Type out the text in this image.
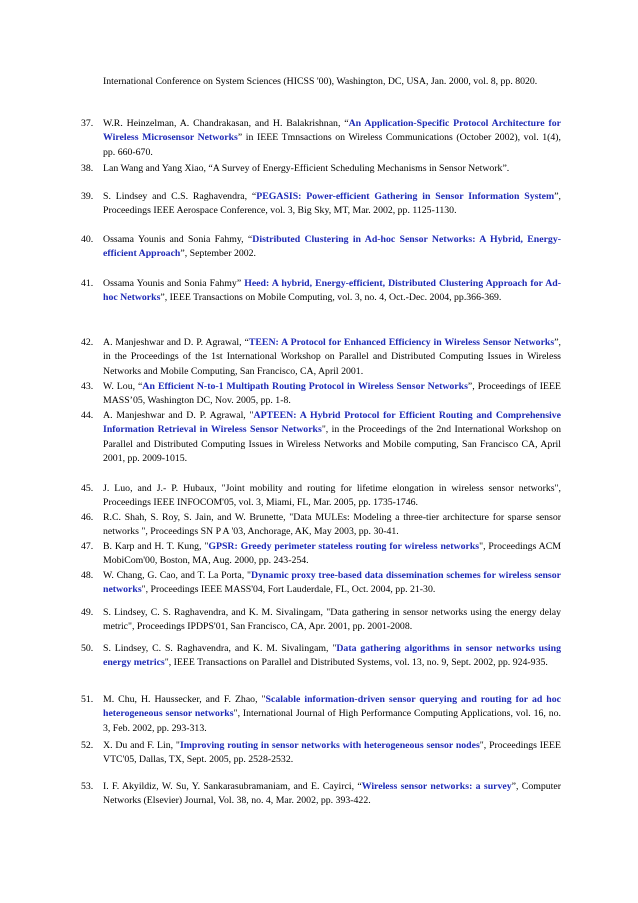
International Conference on System Sciences (HICSS '00), Washington, DC, USA, Jan. 2000, vol. 8, pp. 8020.
37. W.R. Heinzelman, A. Chandrakasan, and H. Balakrishnan, “An Application-Specific Protocol Architecture for Wireless Microsensor Networks” in IEEE Tmnsactions on Wireless Communications (October 2002), vol. 1(4), pp. 660-670.
38. Lan Wang and Yang Xiao, “A Survey of Energy-Efficient Scheduling Mechanisms in Sensor Network”.
39. S. Lindsey and C.S. Raghavendra, “PEGASIS: Power-efficient Gathering in Sensor Information System”, Proceedings IEEE Aerospace Conference, vol. 3, Big Sky, MT, Mar. 2002, pp. 1125-1130.
40. Ossama Younis and Sonia Fahmy, “Distributed Clustering in Ad-hoc Sensor Networks: A Hybrid, Energy-efficient Approach”, September 2002.
41. Ossama Younis and Sonia Fahmy” Heed: A hybrid, Energy-efficient, Distributed Clustering Approach for Ad-hoc Networks”, IEEE Transactions on Mobile Computing, vol. 3, no. 4, Oct.-Dec. 2004, pp.366-369.
42. A. Manjeshwar and D. P. Agrawal, “TEEN: A Protocol for Enhanced Efficiency in Wireless Sensor Networks”, in the Proceedings of the 1st International Workshop on Parallel and Distributed Computing Issues in Wireless Networks and Mobile Computing, San Francisco, CA, April 2001.
43. W. Lou, “An Efficient N-to-1 Multipath Routing Protocol in Wireless Sensor Networks”, Proceedings of IEEE MASS’05, Washington DC, Nov. 2005, pp. 1-8.
44. A. Manjeshwar and D. P. Agrawal, "APTEEN: A Hybrid Protocol for Efficient Routing and Comprehensive Information Retrieval in Wireless Sensor Networks", in the Proceedings of the 2nd International Workshop on Parallel and Distributed Computing Issues in Wireless Networks and Mobile computing, San Francisco CA, April 2001, pp. 2009-1015.
45. J. Luo, and J.- P. Hubaux, "Joint mobility and routing for lifetime elongation in wireless sensor networks", Proceedings IEEE INFOCOM'05, vol. 3, Miami, FL, Mar. 2005, pp. 1735-1746.
46. R.C. Shah, S. Roy, S. Jain, and W. Brunette, "Data MULEs: Modeling a three-tier architecture for sparse sensor networks ", Proceedings SN P A '03, Anchorage, AK, May 2003, pp. 30-41.
47. B. Karp and H. T. Kung, "GPSR: Greedy perimeter stateless routing for wireless networks", Proceedings ACM MobiCom'00, Boston, MA, Aug. 2000, pp. 243-254.
48. W. Chang, G. Cao, and T. La Porta, "Dynamic proxy tree-based data dissemination schemes for wireless sensor networks", Proceedings IEEE MASS'04, Fort Lauderdale, FL, Oct. 2004, pp. 21-30.
49. S. Lindsey, C. S. Raghavendra, and K. M. Sivalingam, "Data gathering in sensor networks using the energy delay metric", Proceedings IPDPS'01, San Francisco, CA, Apr. 2001, pp. 2001-2008.
50. S. Lindsey, C. S. Raghavendra, and K. M. Sivalingam, "Data gathering algorithms in sensor networks using energy metrics", IEEE Transactions on Parallel and Distributed Systems, vol. 13, no. 9, Sept. 2002, pp. 924-935.
51. M. Chu, H. Haussecker, and F. Zhao, "Scalable information-driven sensor querying and routing for ad hoc heterogeneous sensor networks", International Journal of High Performance Computing Applications, vol. 16, no. 3, Feb. 2002, pp. 293-313.
52. X. Du and F. Lin, "Improving routing in sensor networks with heterogeneous sensor nodes", Proceedings IEEE VTC'05, Dallas, TX, Sept. 2005, pp. 2528-2532.
53. I. F. Akyildiz, W. Su, Y. Sankarasubramaniam, and E. Cayirci, “Wireless sensor networks: a survey”, Computer Networks (Elsevier) Journal, Vol. 38, no. 4, Mar. 2002, pp. 393-422.
